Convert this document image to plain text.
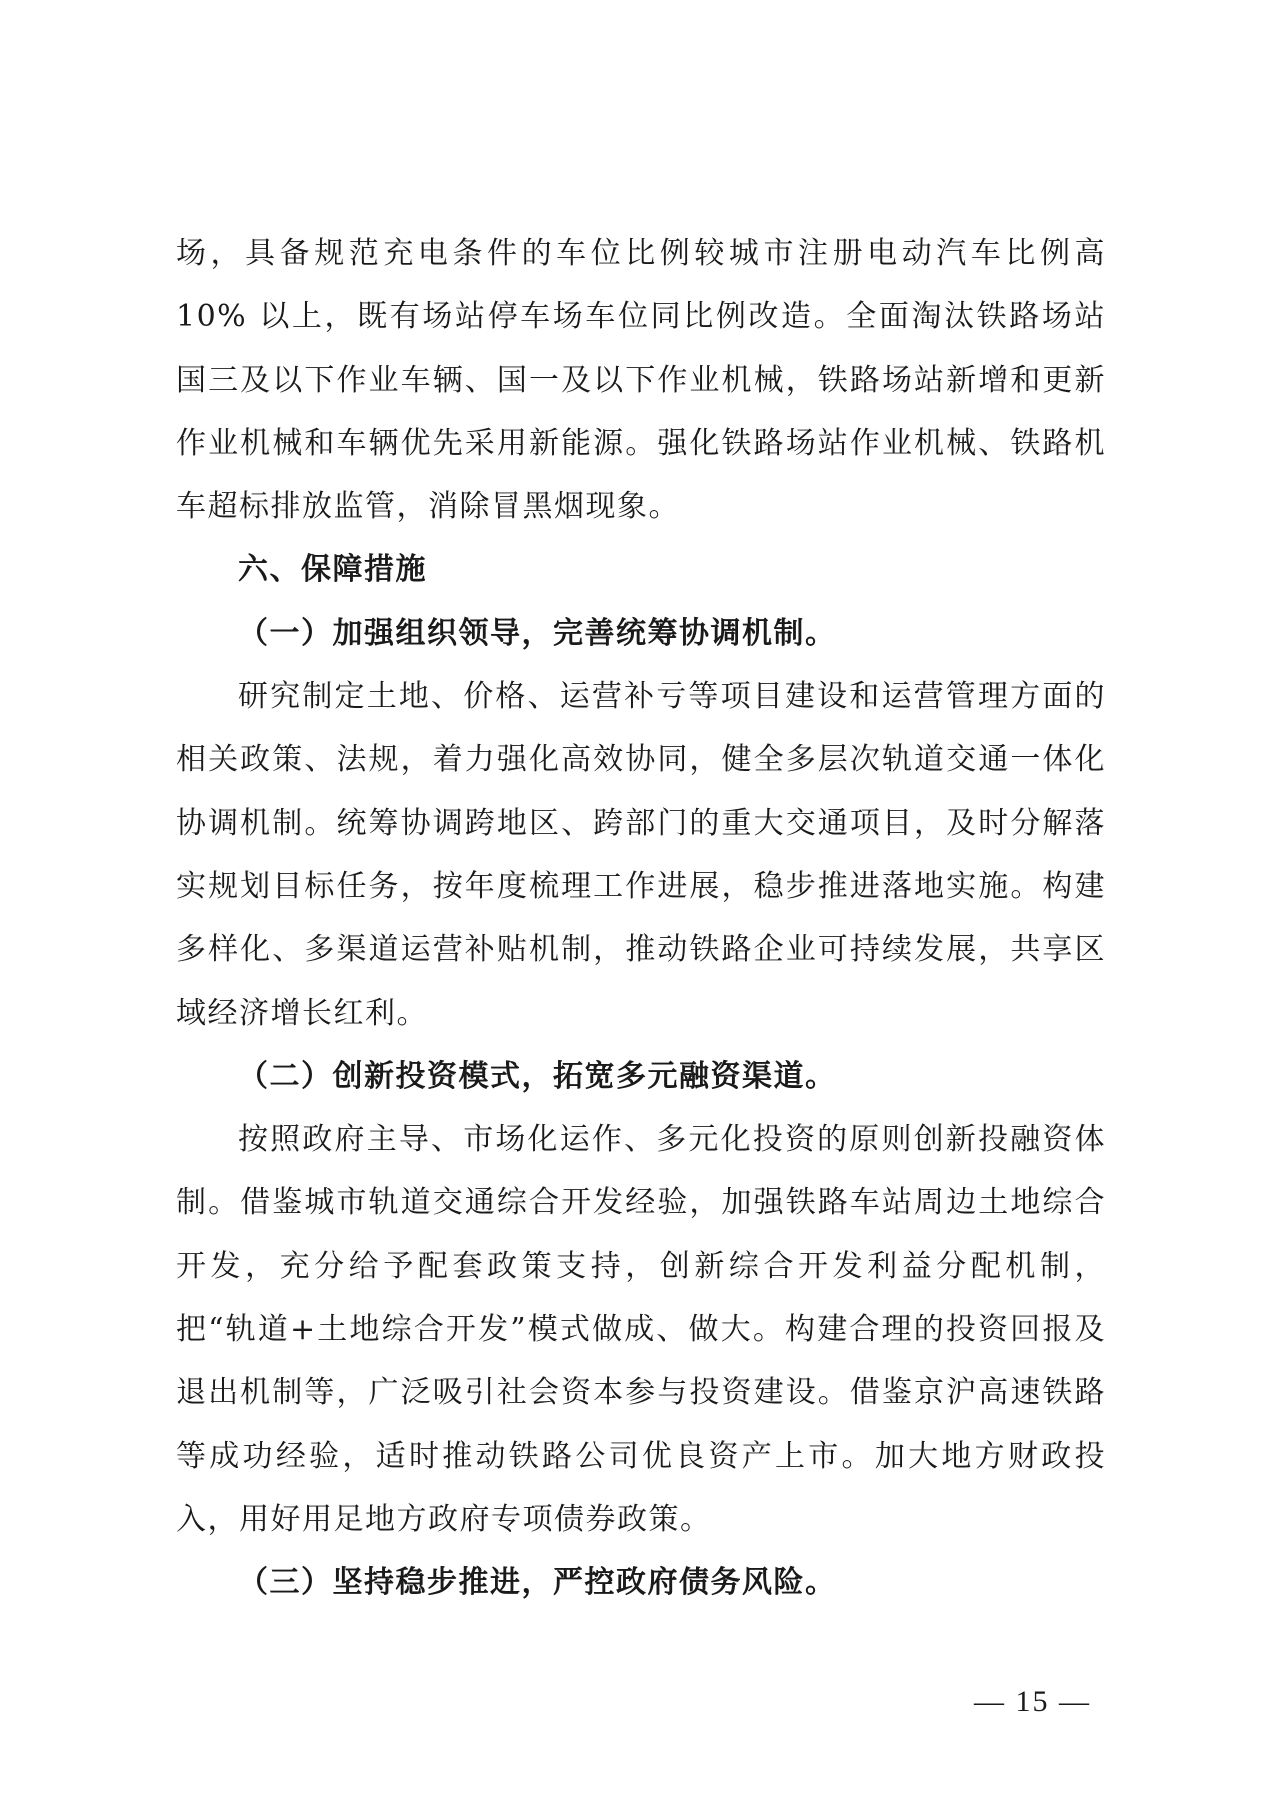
场，具备规范充电条件的车位比例较城市注册电动汽车比例高 10% 以上，既有场站停车场车位同比例改造。全面淘汰铁路场站国三及以下作业车辆、国一及以下作业机械，铁路场站新增和更新作业机械和车辆优先采用新能源。强化铁路场站作业机械、铁路机车超标排放监管，消除冒黑烟现象。

六、保障措施

（一）加强组织领导，完善统筹协调机制。

研究制定土地、价格、运营补亏等项目建设和运营管理方面的相关政策、法规，着力强化高效协同，健全多层次轨道交通一体化协调机制。统筹协调跨地区、跨部门的重大交通项目，及时分解落实规划目标任务，按年度梳理工作进展，稳步推进落地实施。构建多样化、多渠道运营补贴机制，推动铁路企业可持续发展，共享区域经济增长红利。

（二）创新投资模式，拓宽多元融资渠道。

按照政府主导、市场化运作、多元化投资的原则创新投融资体制。借鉴城市轨道交通综合开发经验，加强铁路车站周边土地综合开发，充分给予配套政策支持，创新综合开发利益分配机制，把“轨道+土地综合开发”模式做成、做大。构建合理的投资回报及退出机制等，广泛吸引社会资本参与投资建设。借鉴京沪高速铁路等成功经验，适时推动铁路公司优良资产上市。加大地方财政投入，用好用足地方政府专项债券政策。

（三）坚持稳步推进，严控政府债务风险。

— 15 —
